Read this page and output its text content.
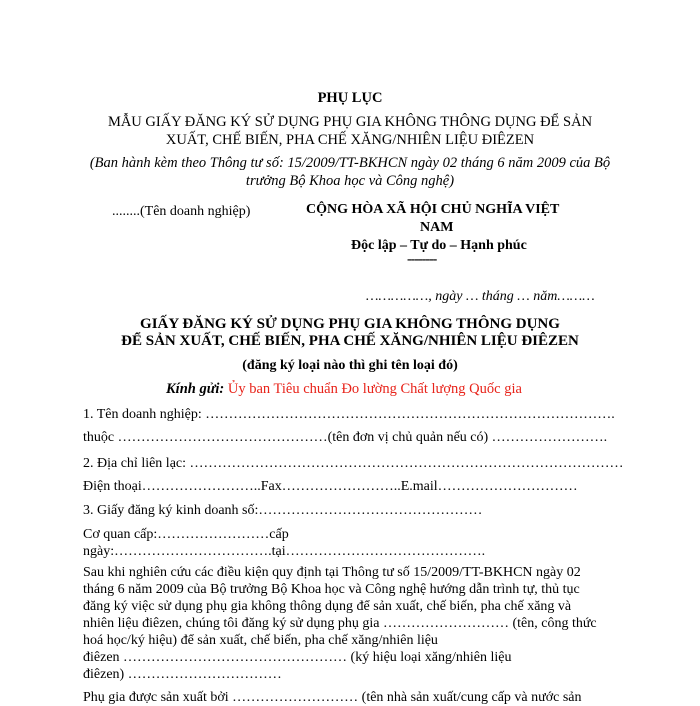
PHỤ LỤC
MẪU GIẤY ĐĂNG KÝ SỬ DỤNG PHỤ GIA KHÔNG THÔNG DỤNG ĐỂ SẢN
XUẤT, CHẾ BIẾN, PHA CHẾ XĂNG/NHIÊN LIỆU ĐIÊZEN
(Ban hành kèm theo Thông tư số: 15/2009/TT-BKHCN ngày 02 tháng 6 năm 2009 của Bộ
trưởng Bộ Khoa học và Công nghệ)
........(Tên doanh nghiệp)	CỘNG HÒA XÃ HỘI CHỦ NGHĨA VIỆT
NAM
Độc lập – Tự do – Hạnh phúc
--------
……………, ngày … tháng … năm………
GIẤY ĐĂNG KÝ SỬ DỤNG PHỤ GIA KHÔNG THÔNG DỤNG
ĐỂ SẢN XUẤT, CHẾ BIẾN, PHA CHẾ XĂNG/NHIÊN LIỆU ĐIÊZEN
(đăng ký loại nào thì ghi tên loại đó)
Kính gửi: Ủy ban Tiêu chuẩn Đo lường Chất lượng Quốc gia
1. Tên doanh nghiệp: …………………………………………………………………………….
thuộc ………………………………………(tên đơn vị chủ quản nếu có) …………………….
2. Địa chỉ liên lạc: …………………………………………………………………………………
Điện thoại……………………..Fax……………………..E.mail…………………………
3. Giấy đăng ký kinh doanh số:…………………………………………
Cơ quan cấp:……………………cấp
ngày:…………………………….tại…………………………………….
Sau khi nghiên cứu các điều kiện quy định tại Thông tư số 15/2009/TT-BKHCN ngày 02
tháng 6 năm 2009 của Bộ trưởng Bộ Khoa học và Công nghệ hướng dẫn trình tự, thủ tục
đăng ký việc sử dụng phụ gia không thông dụng để sản xuất, chế biến, pha chế xăng và
nhiên liệu điêzen, chúng tôi đăng ký sử dụng phụ gia ……………………… (tên, công thức
hoá học/ký hiệu) để sản xuất, chế biến, pha chế xăng/nhiên liệu
điêzen ………………………………………… (ký hiệu loại xăng/nhiên liệu
điêzen) ……………………………
Phụ gia được sản xuất bởi ……………………… (tên nhà sản xuất/cung cấp và nước sản
